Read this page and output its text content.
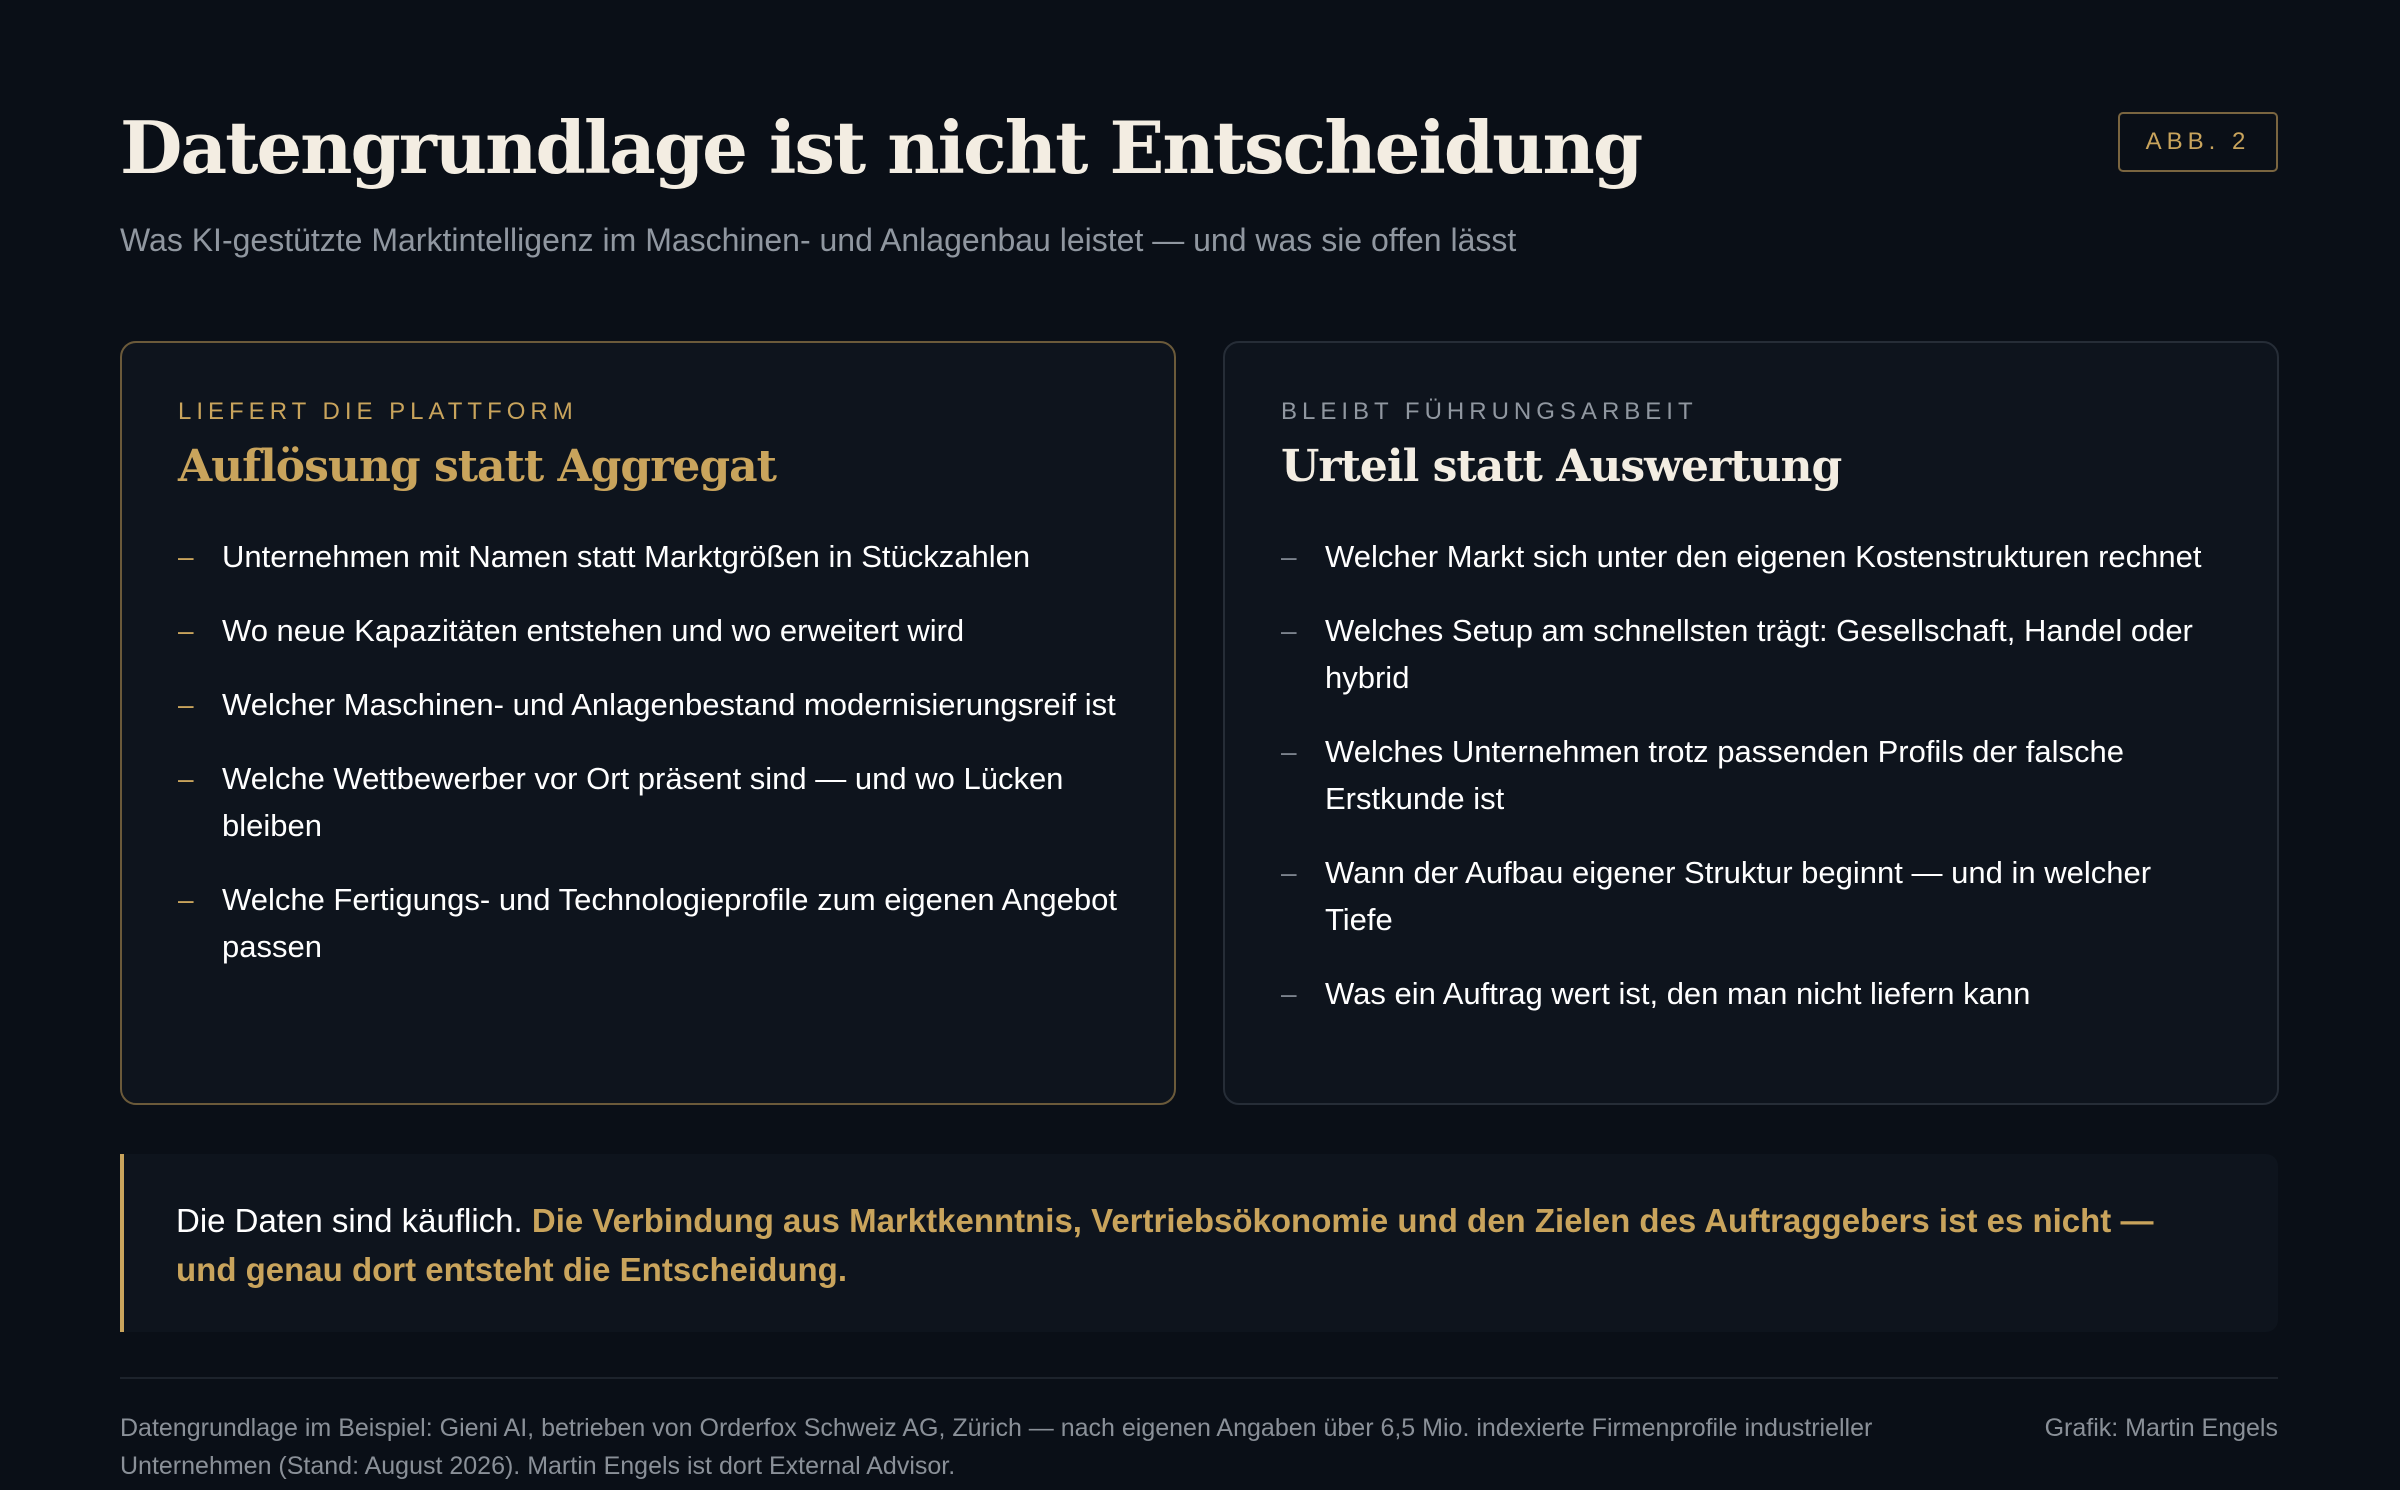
Datengrundlage ist nicht Entscheidung

Was KI-gestützte Marktintelligenz im Maschinen- und Anlagenbau leistet — und was sie offen lässt

ABB. 2
LIEFERT DIE PLATTFORM
Auflösung statt Aggregat
– Unternehmen mit Namen statt Marktgrößen in Stückzahlen
– Wo neue Kapazitäten entstehen und wo erweitert wird
– Welcher Maschinen- und Anlagenbestand modernisierungsreif ist
– Welche Wettbewerber vor Ort präsent sind — und wo Lücken bleiben
– Welche Fertigungs- und Technologieprofile zum eigenen Angebot passen
BLEIBT FÜHRUNGSARBEIT
Urteil statt Auswertung
– Welcher Markt sich unter den eigenen Kostenstrukturen rechnet
– Welches Setup am schnellsten trägt: Gesellschaft, Handel oder hybrid
– Welches Unternehmen trotz passenden Profils der falsche Erstkunde ist
– Wann der Aufbau eigener Struktur beginnt — und in welcher Tiefe
– Was ein Auftrag wert ist, den man nicht liefern kann
Die Daten sind käuflich. Die Verbindung aus Marktkenntnis, Vertriebsökonomie und den Zielen des Auftraggebers ist es nicht — und genau dort entsteht die Entscheidung.

Datengrundlage im Beispiel: Gieni AI, betrieben von Orderfox Schweiz AG, Zürich — nach eigenen Angaben über 6,5 Mio. indexierte Firmenprofile industrieller Unternehmen (Stand: August 2026). Martin Engels ist dort External Advisor.

Grafik: Martin Engels
